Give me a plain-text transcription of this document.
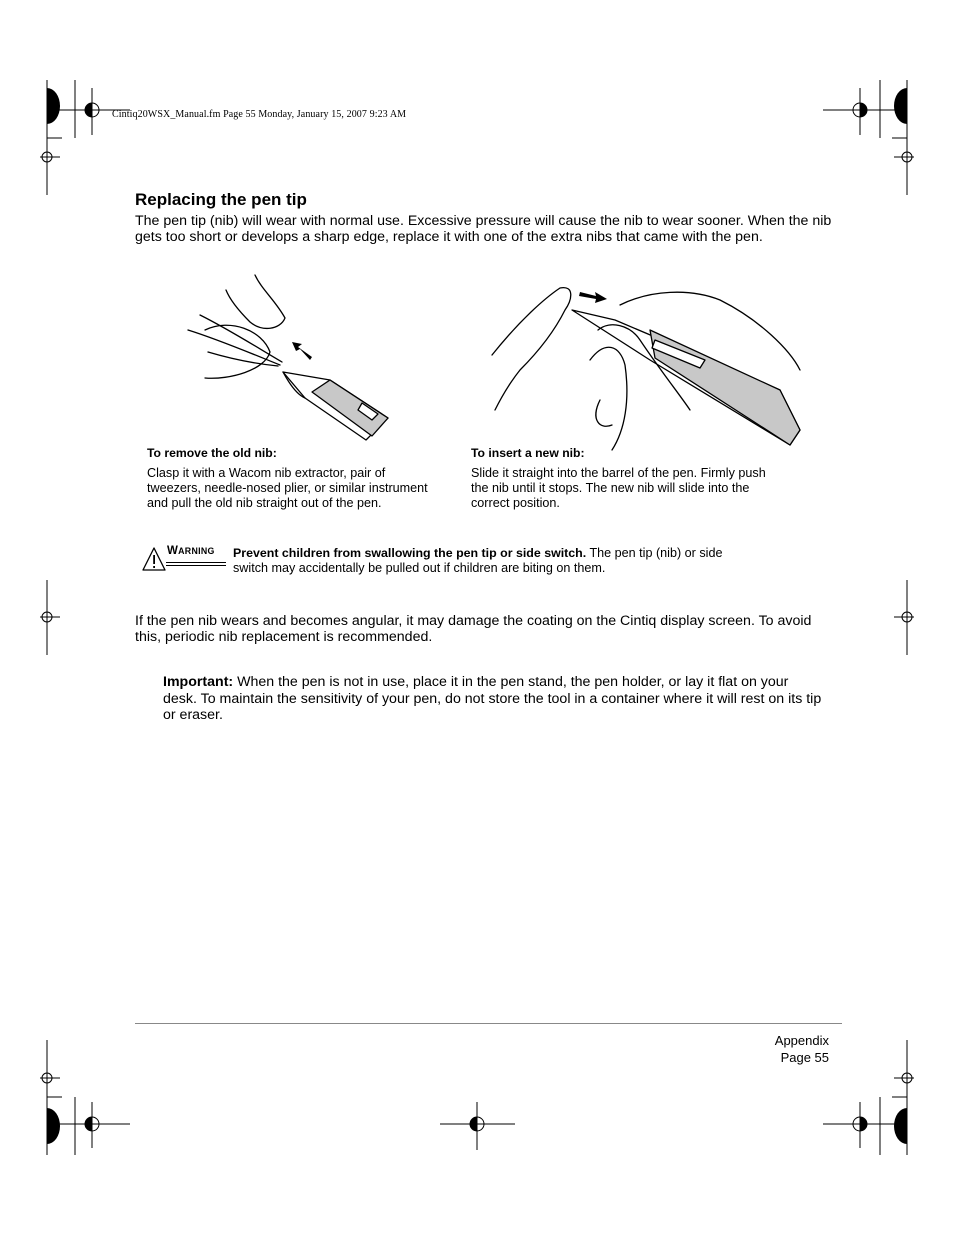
Cintiq20WSX_Manual.fm Page 55 Monday, January 15, 2007 9:23 AM
Replacing the pen tip
The pen tip (nib) will wear with normal use. Excessive pressure will cause the nib to wear sooner. When the nib gets too short or develops a sharp edge, replace it with one of the extra nibs that came with the pen.
To remove the old nib:
Clasp it with a Wacom nib extractor, pair of tweezers, needle-nosed plier, or similar instrument and pull the old nib straight out of the pen.
To insert a new nib:
Slide it straight into the barrel of the pen. Firmly push the nib until it stops. The new nib will slide into the correct position.
WARNING Prevent children from swallowing the pen tip or side switch. The pen tip (nib) or side switch may accidentally be pulled out if children are biting on them.
If the pen nib wears and becomes angular, it may damage the coating on the Cintiq display screen. To avoid this, periodic nib replacement is recommended.
Important: When the pen is not in use, place it in the pen stand, the pen holder, or lay it flat on your desk. To maintain the sensitivity of your pen, do not store the tool in a container where it will rest on its tip or eraser.
Appendix
Page 55
